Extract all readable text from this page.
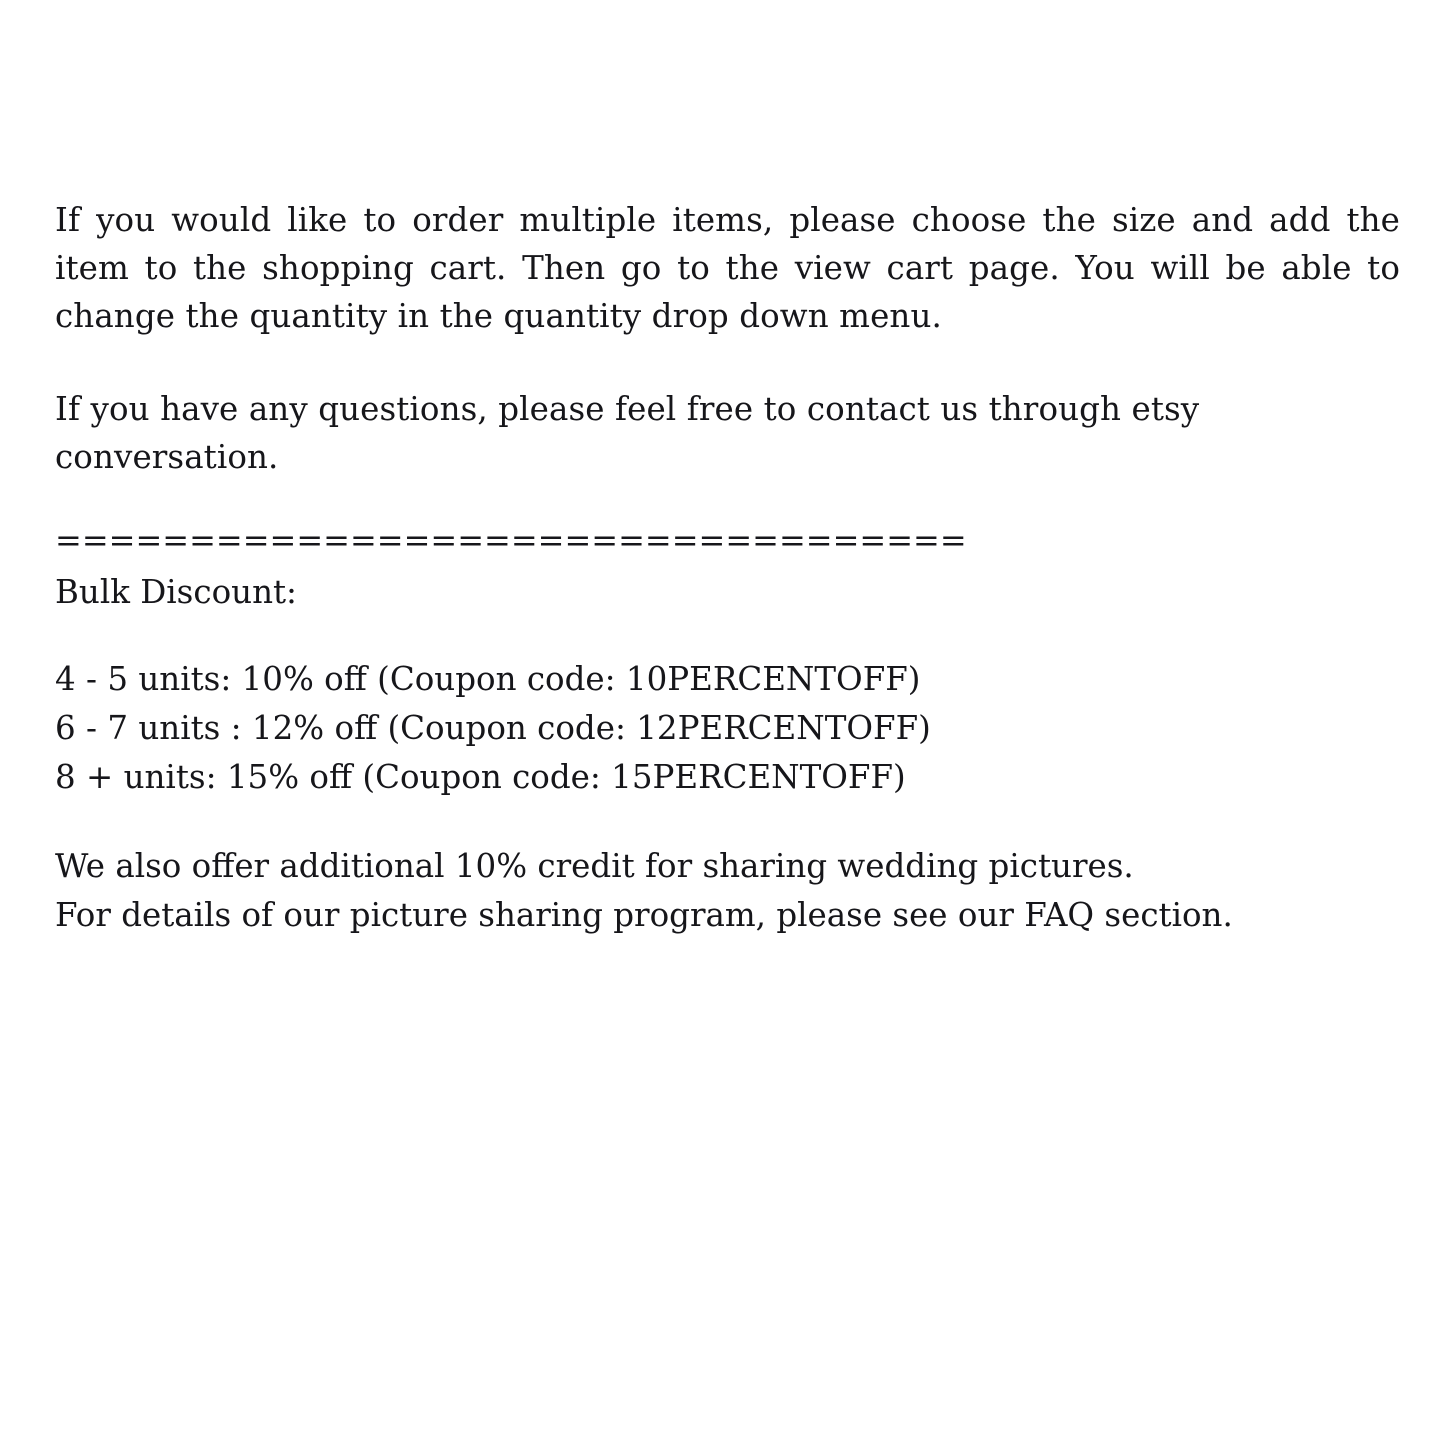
If you would like to order multiple items, please choose the size and add the item to the shopping cart. Then go to the view cart page. You will be able to change the quantity in the quantity drop down menu.

If you have any questions, please feel free to contact us through etsy conversation.

==================================
Bulk Discount:
4 - 5 units: 10% off (Coupon code: 10PERCENTOFF)
6 - 7 units : 12% off (Coupon code: 12PERCENTOFF)
8 + units: 15% off (Coupon code: 15PERCENTOFF)

We also offer additional 10% credit for sharing wedding pictures.

For details of our picture sharing program, please see our FAQ section.
